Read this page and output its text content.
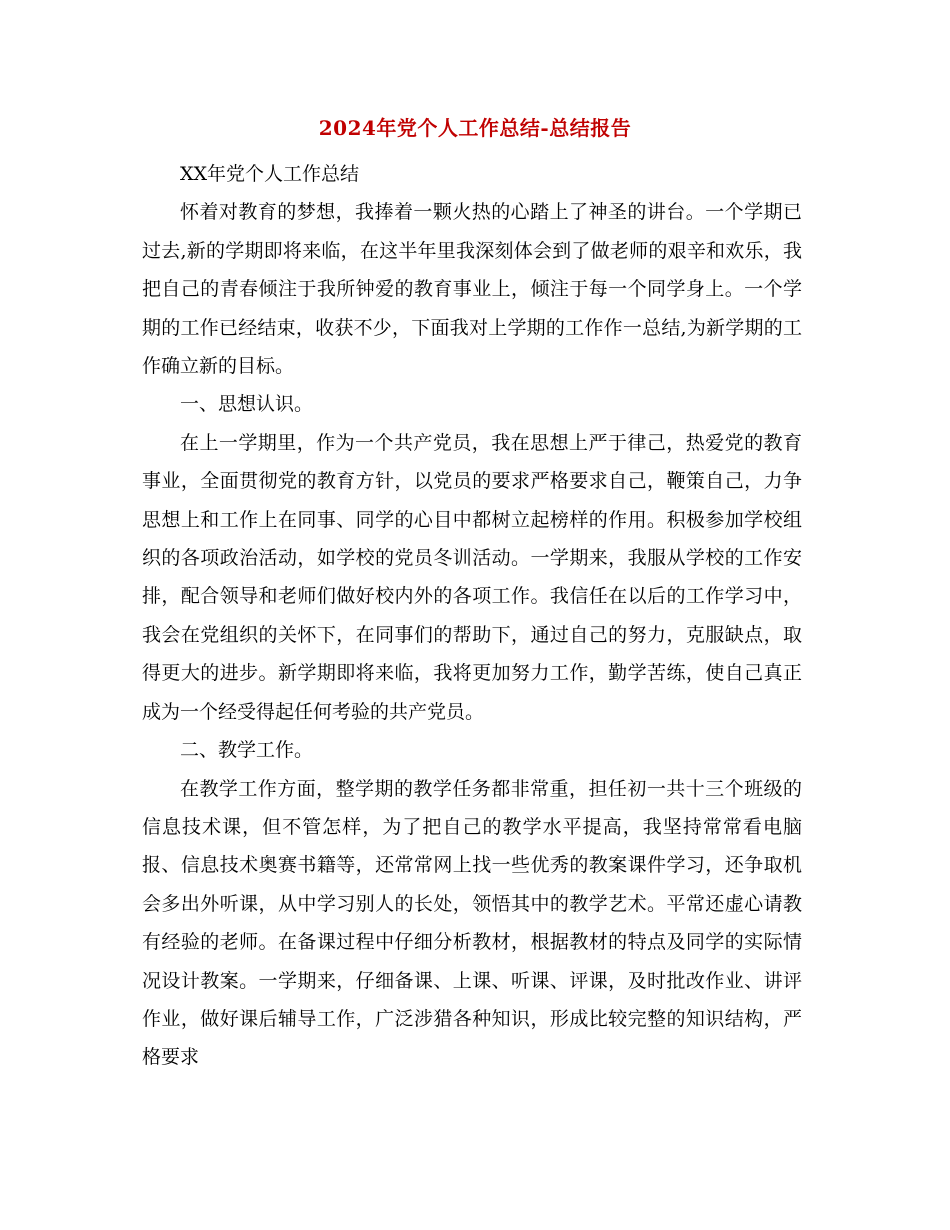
2024年党个人工作总结-总结报告

XX年党个人工作总结

怀着对教育的梦想，我捧着一颗火热的心踏上了神圣的讲台。一个学期已过去,新的学期即将来临，在这半年里我深刻体会到了做老师的艰辛和欢乐，我把自己的青春倾注于我所钟爱的教育事业上，倾注于每一个同学身上。一个学期的工作已经结束，收获不少，下面我对上学期的工作作一总结,为新学期的工作确立新的目标。

一、思想认识。

在上一学期里，作为一个共产党员，我在思想上严于律己，热爱党的教育事业，全面贯彻党的教育方针，以党员的要求严格要求自己，鞭策自己，力争思想上和工作上在同事、同学的心目中都树立起榜样的作用。积极参加学校组织的各项政治活动，如学校的党员冬训活动。一学期来，我服从学校的工作安排，配合领导和老师们做好校内外的各项工作。我信任在以后的工作学习中，我会在党组织的关怀下，在同事们的帮助下，通过自己的努力，克服缺点，取得更大的进步。新学期即将来临，我将更加努力工作，勤学苦练，使自己真正成为一个经受得起任何考验的共产党员。

二、教学工作。

在教学工作方面，整学期的教学任务都非常重，担任初一共十三个班级的信息技术课，但不管怎样，为了把自己的教学水平提高，我坚持常常看电脑报、信息技术奥赛书籍等，还常常网上找一些优秀的教案课件学习，还争取机会多出外听课，从中学习别人的长处，领悟其中的教学艺术。平常还虚心请教有经验的老师。在备课过程中仔细分析教材，根据教材的特点及同学的实际情况设计教案。一学期来，仔细备课、上课、听课、评课，及时批改作业、讲评作业，做好课后辅导工作，广泛涉猎各种知识，形成比较完整的知识结构，严格要求
